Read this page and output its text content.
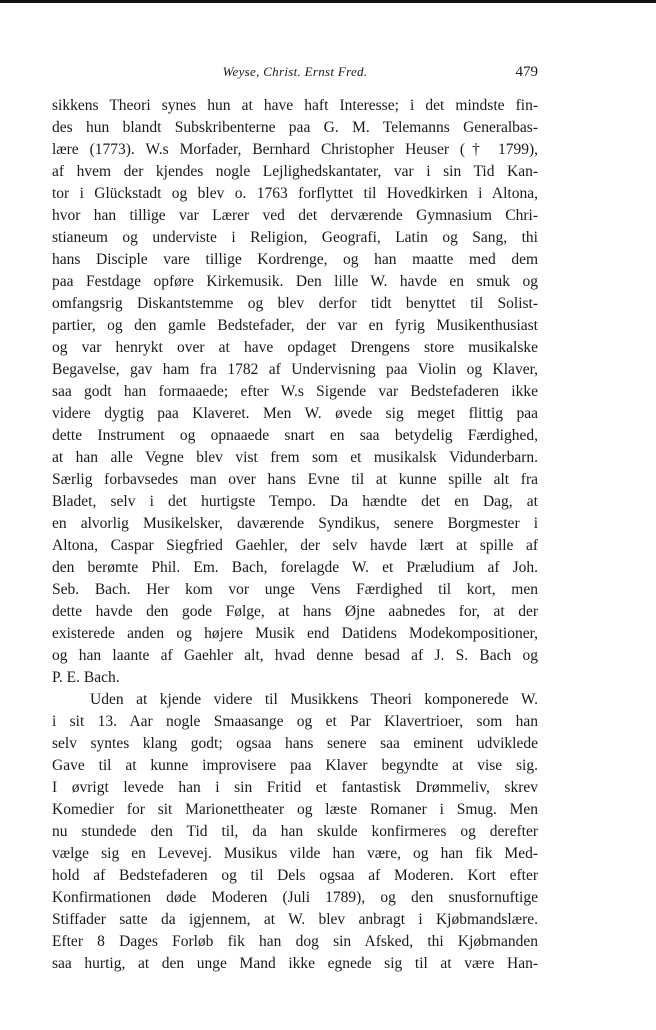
Weyse, Christ. Ernst Fred.	479
sikkens Theori synes hun at have haft Interesse; i det mindste fin-
des hun blandt Subskribenterne paa G. M. Telemanns Generalbas-
lære (1773). W.s Morfader, Bernhard Christopher Heuser († 1799),
af hvem der kjendes nogle Lejlighedskantater, var i sin Tid Kan-
tor i Glückstadt og blev o. 1763 forflyttet til Hovedkirken i Altona,
hvor han tillige var Lærer ved det derværende Gymnasium Chri-
stianeum og underviste i Religion, Geografi, Latin og Sang, thi
hans Disciple vare tillige Kordrenge, og han maatte med dem
paa Festdage opføre Kirkemusik. Den lille W. havde en smuk og
omfangsrig Diskantstemme og blev derfor tidt benyttet til Solist-
partier, og den gamle Bedstefader, der var en fyrig Musikenthusiast
og var henrykt over at have opdaget Drengens store musikalske
Begavelse, gav ham fra 1782 af Undervisning paa Violin og Klaver,
saa godt han formaaede; efter W.s Sigende var Bedstefaderen ikke
videre dygtig paa Klaveret. Men W. øvede sig meget flittig paa
dette Instrument og opnaaede snart en saa betydelig Færdighed,
at han alle Vegne blev vist frem som et musikalsk Vidunderbarn.
Særlig forbavsedes man over hans Evne til at kunne spille alt fra
Bladet, selv i det hurtigste Tempo. Da hændte det en Dag, at
en alvorlig Musikelsker, daværende Syndikus, senere Borgmester i
Altona, Caspar Siegfried Gaehler, der selv havde lært at spille af
den berømte Phil. Em. Bach, forelagde W. et Præludium af Joh.
Seb. Bach. Her kom vor unge Vens Færdighed til kort, men
dette havde den gode Følge, at hans Øjne aabnedes for, at der
existerede anden og højere Musik end Datidens Modekompositioner,
og han laante af Gaehler alt, hvad denne besad af J. S. Bach og
P. E. Bach.
Uden at kjende videre til Musikkens Theori komponerede W.
i sit 13. Aar nogle Smaasange og et Par Klavertrioer, som han
selv syntes klang godt; ogsaa hans senere saa eminent udviklede
Gave til at kunne improvisere paa Klaver begyndte at vise sig.
I øvrigt levede han i sin Fritid et fantastisk Drømmeliv, skrev
Komedier for sit Marionettheater og læste Romaner i Smug. Men
nu stundede den Tid til, da han skulde konfirmeres og derefter
vælge sig en Levevej. Musikus vilde han være, og han fik Med-
hold af Bedstefaderen og til Dels ogsaa af Moderen. Kort efter
Konfirmationen døde Moderen (Juli 1789), og den snusfornuftige
Stiffader satte da igjennem, at W. blev anbragt i Kjøbmandslære.
Efter 8 Dages Forløb fik han dog sin Afsked, thi Kjøbmanden
saa hurtig, at den unge Mand ikke egnede sig til at være Han-
